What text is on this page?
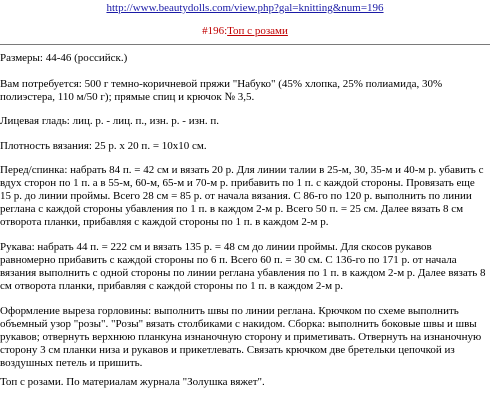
http://www.beautydolls.com/view.php?gal=knitting&num=196
#196:Топ с розами

Размеры: 44-46 (российск.)

Вам потребуется: 500 г темно-коричневой пряжи "Набуко" (45% хлопка, 25% полиамида, 30% полиэстера, 110 м/50 г); прямые спиц и крючок № 3,5.

Лицевая гладь: лиц. р. - лиц. п., изн. р. - изн. п.

Плотность вязания: 25 р. х 20 п. = 10х10 см.

Перед/спинка: набрать 84 п. = 42 см и вязать 20 р. Для линии талии в 25-м, 30, 35-м и 40-м р. убавить с вдух сторон по 1 п. а в 55-м, 60-м, 65-м и 70-м р. прибавить по 1 п. с каждой стороны. Провязать еще 15 р. до линии проймы. Всего 28 см = 85 р. от начала вязания. С 86-го по 120 р. выполнить по линии реглана с каждой стороны убавления по 1 п. в каждом 2-м р. Всего 50 п. = 25 см. Далее вязать 8 см отворота планки, прибавляя с каждой стороны по 1 п. в каждом 2-м р.

Рукава: набрать 44 п. = 222 см и вязать 135 р. = 48 см до линии проймы. Для скосов рукавов равномерно прибавить с каждой стороны по 6 п. Всего 60 п. = 30 см. С 136-го по 171 р. от начала вязания выполнить с одной стороны по линии реглана убавления по 1 п. в каждом 2-м р. Далее вязать 8 см отворота планки, прибавляя с каждой стороны по 1 п. в каждом 2-м р.

Оформление выреза горловины: выполнить швы по линии реглана. Крючком по схеме выполнить объемный узор "розы". "Розы" вязать столбиками с накидом. Сборка: выполнить боковые швы и швы рукавов; отвернуть верхнюю планкуна изнаночную сторону и приметивать. Отвернуть на изнаночную сторону 3 см планки низа и рукавов и прикетлевать. Связать крючком две бретельки цепочкой из воздушных петель и пришить.

Топ с розами. По материалам журнала "Золушка вяжет".
